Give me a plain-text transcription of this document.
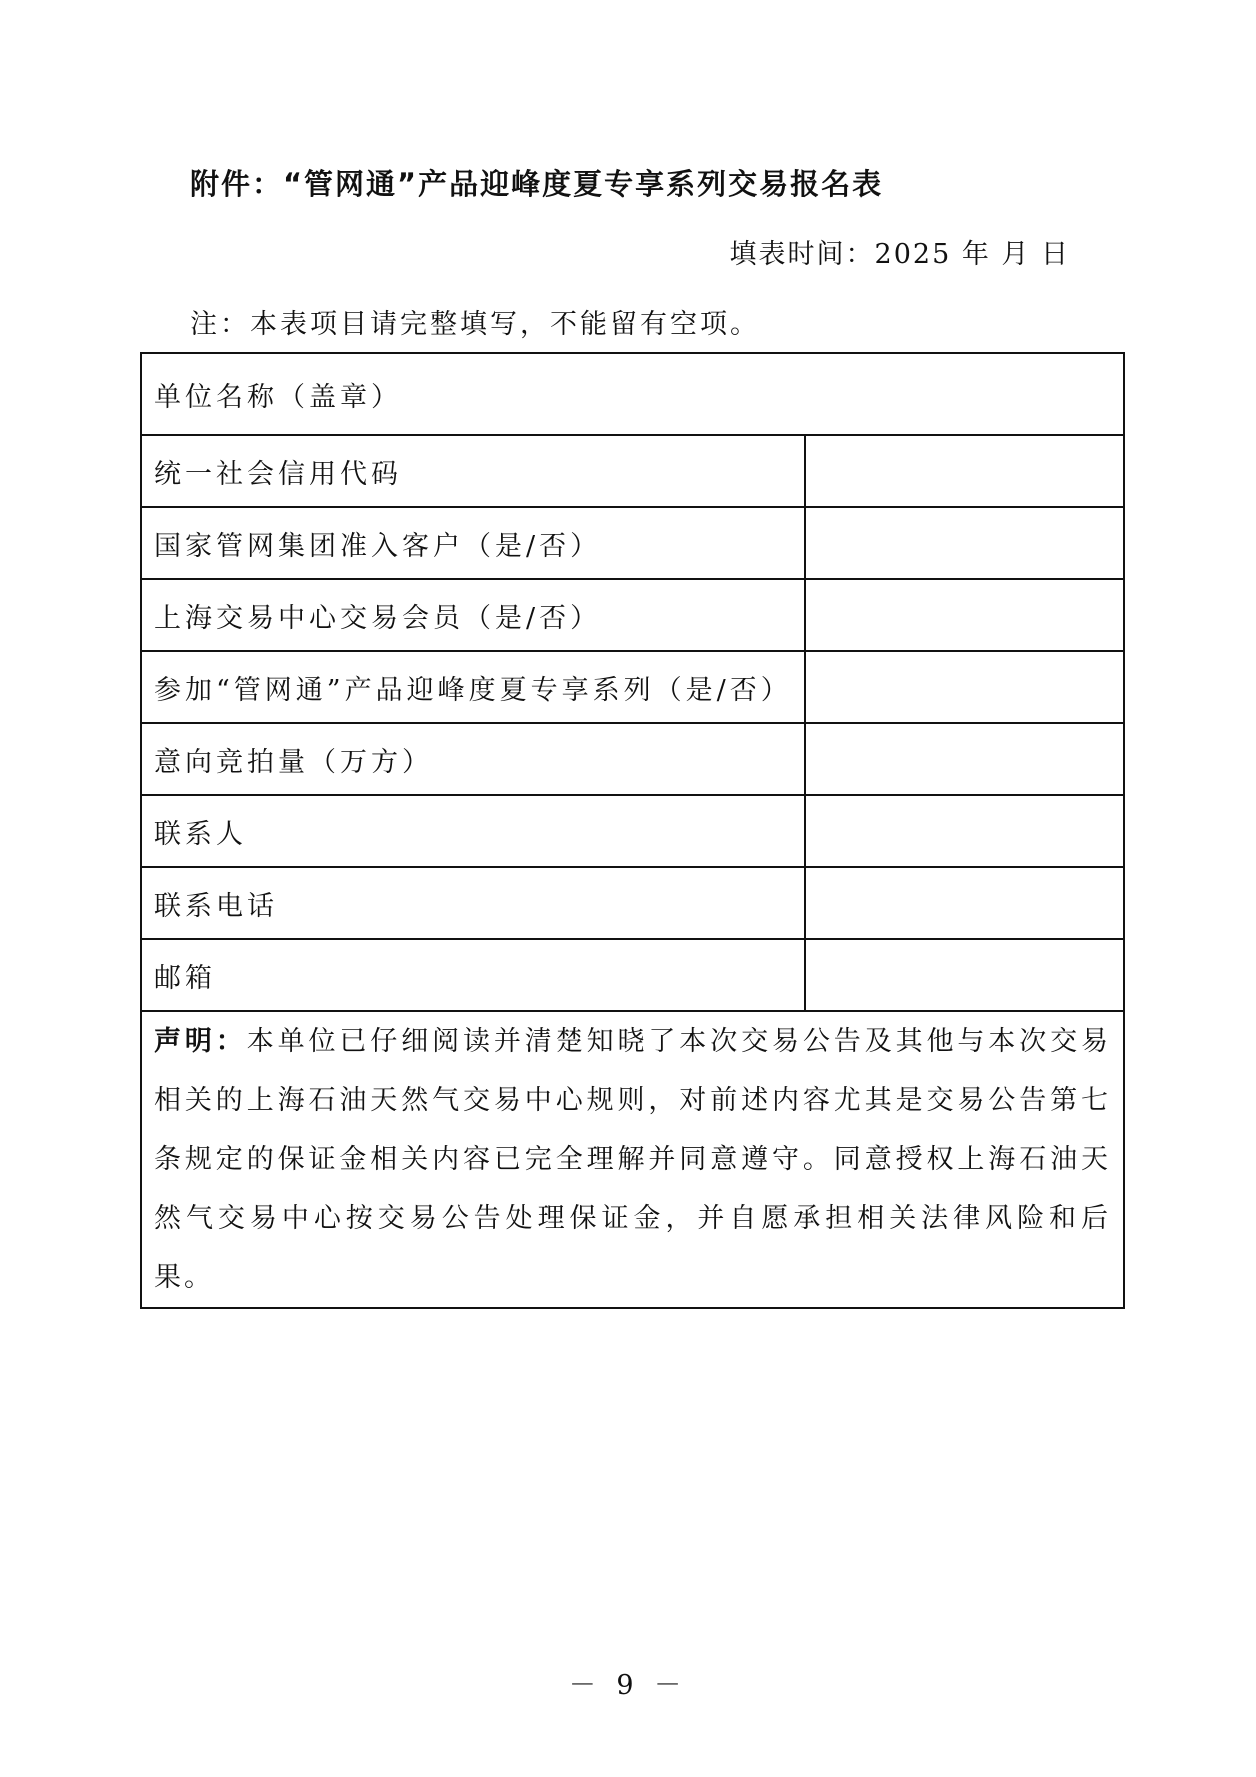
附件：“管网通”产品迎峰度夏专享系列交易报名表
填表时间：2025 年 月 日
注：本表项目请完整填写，不能留有空项。
单位名称（盖章）	
统一社会信用代码	
国家管网集团准入客户（是/否）	
上海交易中心交易会员（是/否）	
参加“管网通”产品迎峰度夏专享系列（是/否）	
意向竞拍量（万方）	
联系人	
联系电话	
邮箱	
声明：本单位已仔细阅读并清楚知晓了本次交易公告及其他与本次交易相关的上海石油天然气交易中心规则，对前述内容尤其是交易公告第七条规定的保证金相关内容已完全理解并同意遵守。同意授权上海石油天然气交易中心按交易公告处理保证金，并自愿承担相关法律风险和后果。	
－ 9 －
